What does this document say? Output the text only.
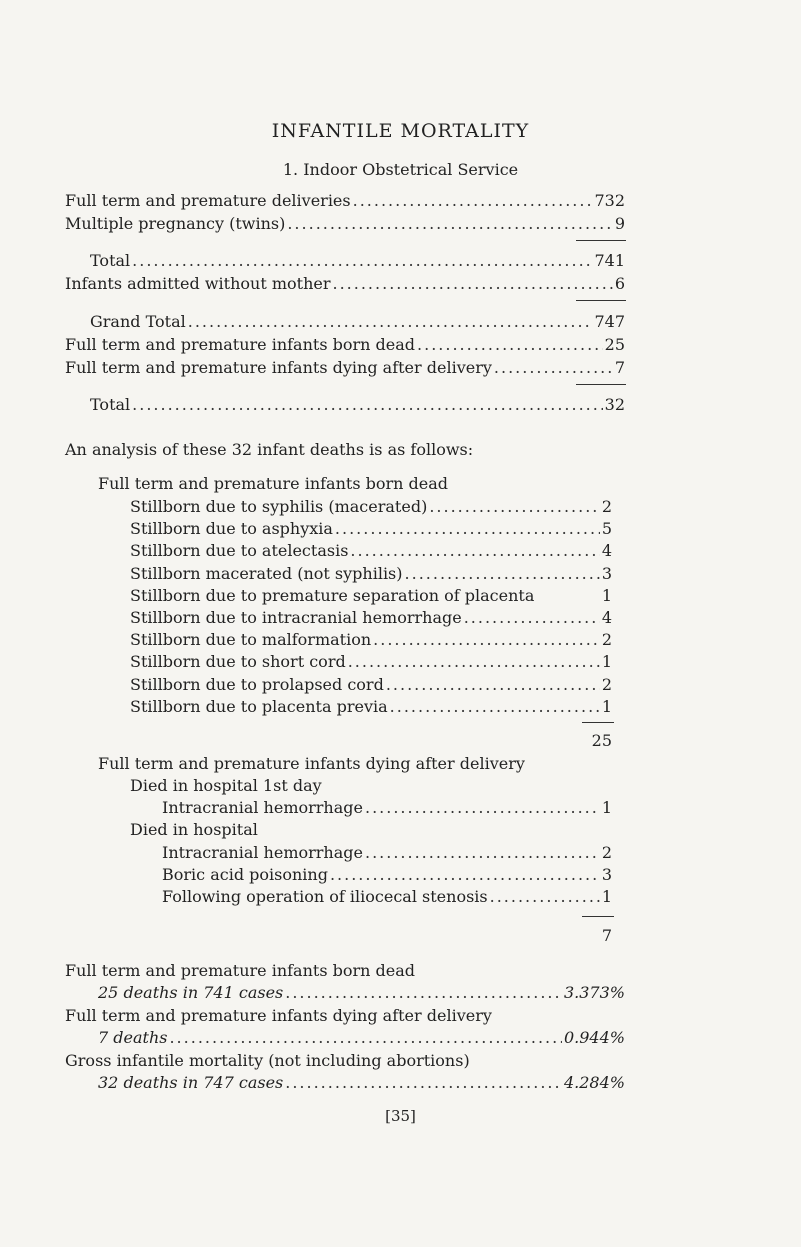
INFANTILE MORTALITY
1. Indoor Obstetrical Service
Full term and premature deliveries .....	732
Multiple pregnancy (twins) .....	9
Total .....	741
Infants admitted without mother .....	6
Grand Total .....	747
Full term and premature infants born dead .....	25
Full term and premature infants dying after delivery .....	7
Total .....	32
An analysis of these 32 infant deaths is as follows:
Full term and premature infants born dead
Stillborn due to syphilis (macerated) .....	2
Stillborn due to asphyxia .....	5
Stillborn due to atelectasis .....	4
Stillborn macerated (not syphilis) .....	3
Stillborn due to premature separation of placenta	1
Stillborn due to intracranial hemorrhage .....	4
Stillborn due to malformation .....	2
Stillborn due to short cord .....	1
Stillborn due to prolapsed cord .....	2
Stillborn due to placenta previa .....	1
25
Full term and premature infants dying after delivery
Died in hospital 1st day
Intracranial hemorrhage .....	1
Died in hospital
Intracranial hemorrhage .....	2
Boric acid poisoning .....	3
Following operation of iliocecal stenosis .....	1
7
Full term and premature infants born dead
25 deaths in 741 cases .....	3.373%
Full term and premature infants dying after delivery
7 deaths .....	0.944%
Gross infantile mortality (not including abortions)
32 deaths in 747 cases .....	4.284%
[35]
